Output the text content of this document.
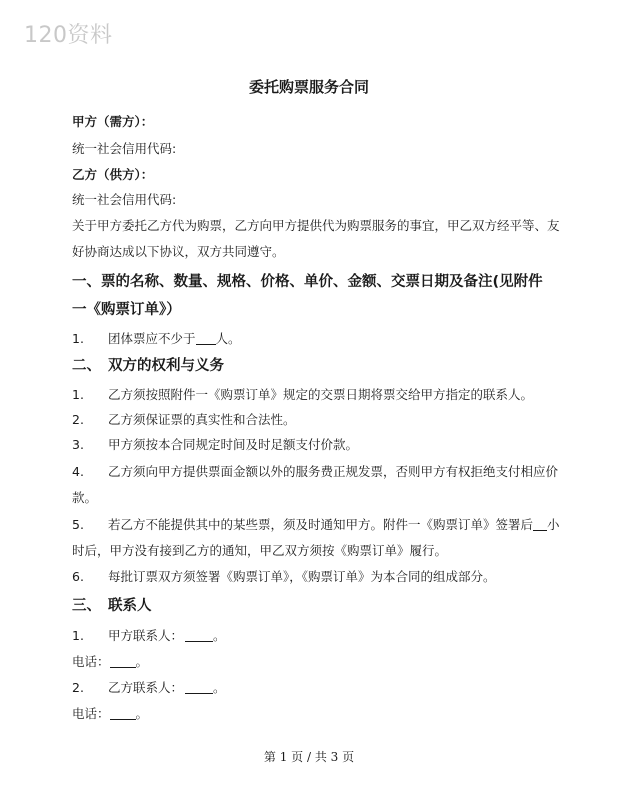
120资料
委托购票服务合同
甲方（需方）：
统一社会信用代码:
乙方（供方）：
统一社会信用代码:
关于甲方委托乙方代为购票，乙方向甲方提供代为购票服务的事宜，甲乙双方经平等、友
好协商达成以下协议，双方共同遵守。
一、票的名称、数量、规格、价格、单价、金额、交票日期及备注(见附件
一《购票订单》）
1. 团体票应不少于 人。
二、 双方的权利与义务
1. 乙方须按照附件一《购票订单》规定的交票日期将票交给甲方指定的联系人。
2. 乙方须保证票的真实性和合法性。
3. 甲方须按本合同规定时间及时足额支付价款。
4. 乙方须向甲方提供票面金额以外的服务费正规发票，否则甲方有权拒绝支付相应价
款。
5. 若乙方不能提供其中的某些票，须及时通知甲方。附件一《购票订单》签署后 小
时后，甲方没有接到乙方的通知，甲乙双方须按《购票订单》履行。
6. 每批订票双方须签署《购票订单》，《购票订单》为本合同的组成部分。
三、 联系人
1. 甲方联系人： 。
电话： 。
2. 乙方联系人： 。
电话： 。
第 1 页 / 共 3 页
